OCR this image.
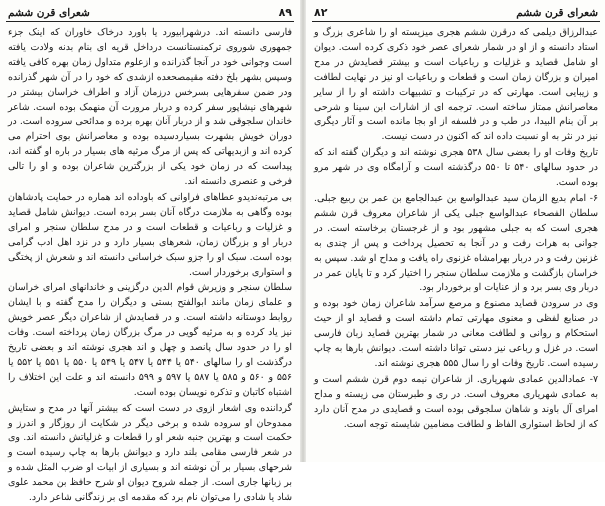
۸۹
شعرای قرن ششم

فارسی دانسته اند. درشهرابیورد یا باورد درخاک خاوران که اینک جزء جمهوری شوروی ترکمنستانست درداخل قریه ای بنام بدنه ولادت یافته است وجوانی خود در آنجا گذرانده و ازعلوم متداول زمان بهره کافی یافته وسپس بشهر بلخ دفته مقیمصحعده ازشدی که خود را در آن شهر گذرانده ودر ضمن سفرهایی بسرخس درزمان آزاد و اطراف خراسان بیشتر در شهرهای نیشاپور سفر کرده و دربار مرورت آن منهمک بوده است. شاعر خاندان سلجوقی شد و از دربار آنان بهره برده و مدائحی سروده است. در دوران خویش بشهرت بسیاردسیده بوده و معاصرانش بوی احترام می کرده اند و ازبدیهاتی که پس از مرگ مرثیه های بسیار در باره او گفته اند، پیداست که در زمان خود یکی از بزرگترین شاعران بوده و او را تالی فرخی و عنصری دانسته اند.

بی مرتبه‌ندیدو عطاهای فراوانی که باوداده اند هماره در حمایت پادشاهان بوده وگاهی به ملازمت درگاه آنان بسر برده است. دیوانش شامل قصاید و غزلیات و رباعیات و قطعات است و در مدح سلطان سنجر و امرای دربار او و بزرگان زمان، شعرهای بسیار دارد و در نزد اهل ادب گرامی بوده است. سبک او را جزو سبک خراسانی دانسته اند و شعرش از پختگی و استواری برخوردار است.

سلطان سنجر و وزیرش قوام الدین درگزینی و خاندانهای امرای خراسان و علمای زمان مانند ابوالفتح بستی و دیگران را مدح گفته و با ایشان روابط دوستانه داشته است. و در قصایدش از شاعران دیگر عصر خویش نیز یاد کرده و به مرثیه گویی در مرگ بزرگان زمان پرداخته است. وفات او را در حدود سال پانصد و چهل و اند هجری نوشته اند و بعضی تاریخ درگذشت او را سالهای ۵۴۰ یا ۵۴۴ یا ۵۴۷ یا ۵۴۹ یا ۵۵۰ یا ۵۵۱ یا ۵۵۲ یا ۵۵۶ و ۵۶۰ و ۵۸۵ یا ۵۸۷ یا ۵۹۷ و ۵۹۹ دانسته اند و علت این اختلاف را اشتباه کاتبان و تذکره نویسان بوده است.

گرداننده وی اشعار ازوی در دست است که بیشتر آنها در مدح و ستایش ممدوحان او سروده شده و برخی دیگر در شکایت از روزگار و اندرز و حکمت است و بهترین جنبه شعر او را قطعات و غزلیاتش دانسته اند. وی در شعر فارسی مقامی بلند دارد و دیوانش بارها به چاپ رسیده است و شرحهای بسیار بر آن نوشته اند و بسیاری از ابیات او ضرب المثل شده و بر زبانها جاری است. از جمله شروح دیوان او شرح حافظ بن محمد علوی شاد یا شادی را می‌توان نام برد که مقدمه ای بر زندگانی شاعر دارد.

شعرای قرن ششم
۸۲

عبدالرزاق دیلمی که درقرن ششم هجری میزیسته او را شاعری بزرگ و استاد دانسته و از او در شمار شعرای عصر خود ذکری کرده است. دیوان او شامل قصاید و غزلیات و رباعیات است و بیشتر قصایدش در مدح امیران و بزرگان زمان است و قطعات و رباعیات او نیز در نهایت لطافت و زیبایی است. مهارتی که در ترکیبات و تشبیهات داشته او را از سایر معاصرانش ممتاز ساخته است. ترجمه ای از اشارات ابن سینا و شرحی بر آن بنام البیدا، در طب و در فلسفه از او بجا مانده است و آثار دیگری نیز در نثر به او نسبت داده اند که اکنون در دست نیست.

تاریخ وفات او را بعضی سال ۵۳۸ هجری نوشته اند و دیگران گفته اند که در حدود سالهای ۵۴۰ تا ۵۵۰ درگذشته است و آرامگاه وی در شهر مرو بوده است.

۶- امام بدیع الزمان سید عبدالواسع بن عبدالجامع بن عمر بن ربیع جبلی. سلطان الفصحاء عبدالواسع جبلی یکی از شاعران معروف قرن ششم هجری است که به جبلی مشهور بود و از غرجستان برخاسته است. در جوانی به هرات رفت و در آنجا به تحصیل پرداخت و پس از چندی به غزنین رفت و در دربار بهرامشاه غزنوی راه یافت و مداح او شد. سپس به خراسان بازگشت و ملازمت سلطان سنجر را اختیار کرد و تا پایان عمر در دربار وی بسر برد و از عنایات او برخوردار بود.

وی در سرودن قصاید مصنوع و مرصع سرآمد شاعران زمان خود بوده و در صنایع لفظی و معنوی مهارتی تمام داشته است و قصاید او از حیث استحکام و روانی و لطافت معانی در شمار بهترین قصاید زبان فارسی است. در غزل و رباعی نیز دستی توانا داشته است. دیوانش بارها به چاپ رسیده است. تاریخ وفات او را سال ۵۵۵ هجری نوشته اند.

۷- عمادالدین عمادی شهریاری. از شاعران نیمه دوم قرن ششم است و به عمادی شهریاری معروف است. در ری و طبرستان می زیسته و مداح امرای آل باوند و شاهان سلجوقی بوده است و قصایدی در مدح آنان دارد که از لحاظ استواری الفاظ و لطافت مضامین شایسته توجه است.
